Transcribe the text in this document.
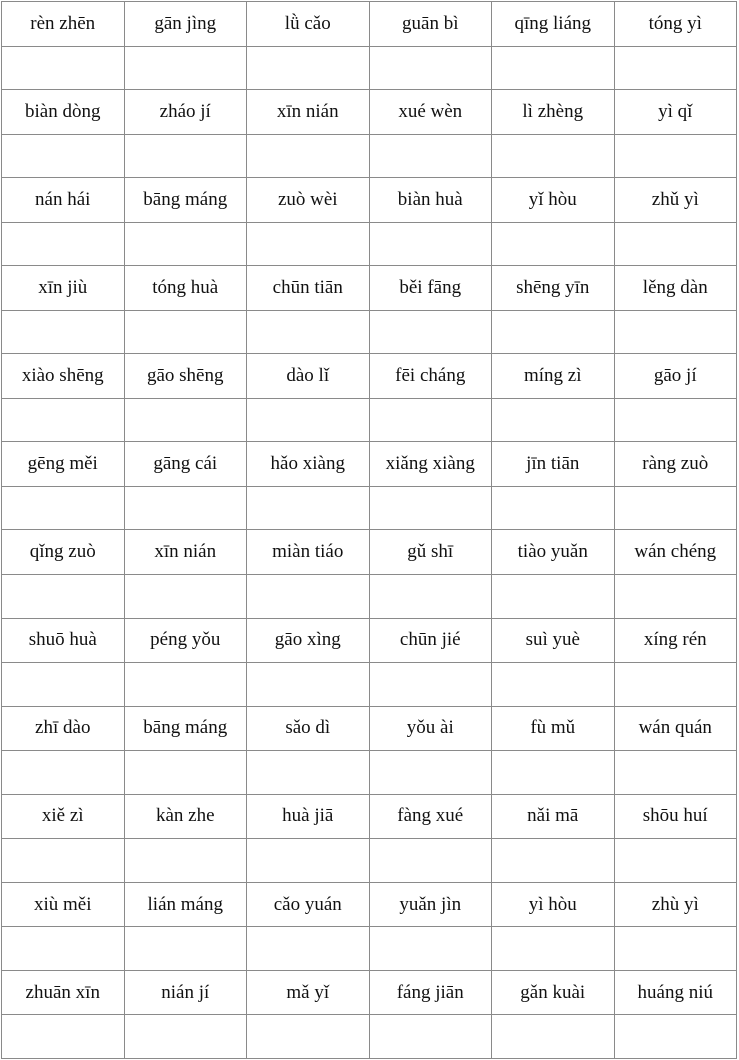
rèn zhēn	gān jìng	lǜ cǎo	guān bì	qīng liáng	tóng yì

biàn dòng	zháo jí	xīn nián	xué wèn	lì zhèng	yì qǐ

nán hái	bāng máng	zuò wèi	biàn huà	yǐ hòu	zhǔ yì

xīn jiù	tóng huà	chūn tiān	běi fāng	shēng yīn	lěng dàn

xiào shēng	gāo shēng	dào lǐ	fēi cháng	míng zì	gāo jí

gēng měi	gāng cái	hǎo xiàng	xiǎng xiàng	jīn tiān	ràng zuò

qǐng zuò	xīn nián	miàn tiáo	gǔ shī	tiào yuǎn	wán chéng

shuō huà	péng yǒu	gāo xìng	chūn jié	suì yuè	xíng rén

zhī dào	bāng máng	sǎo dì	yǒu ài	fù mǔ	wán quán

xiě zì	kàn zhe	huà jiā	fàng xué	nǎi mā	shōu huí

xiù měi	lián máng	cǎo yuán	yuǎn jìn	yì hòu	zhù yì

zhuān xīn	nián jí	mǎ yǐ	fáng jiān	gǎn kuài	huáng niú
